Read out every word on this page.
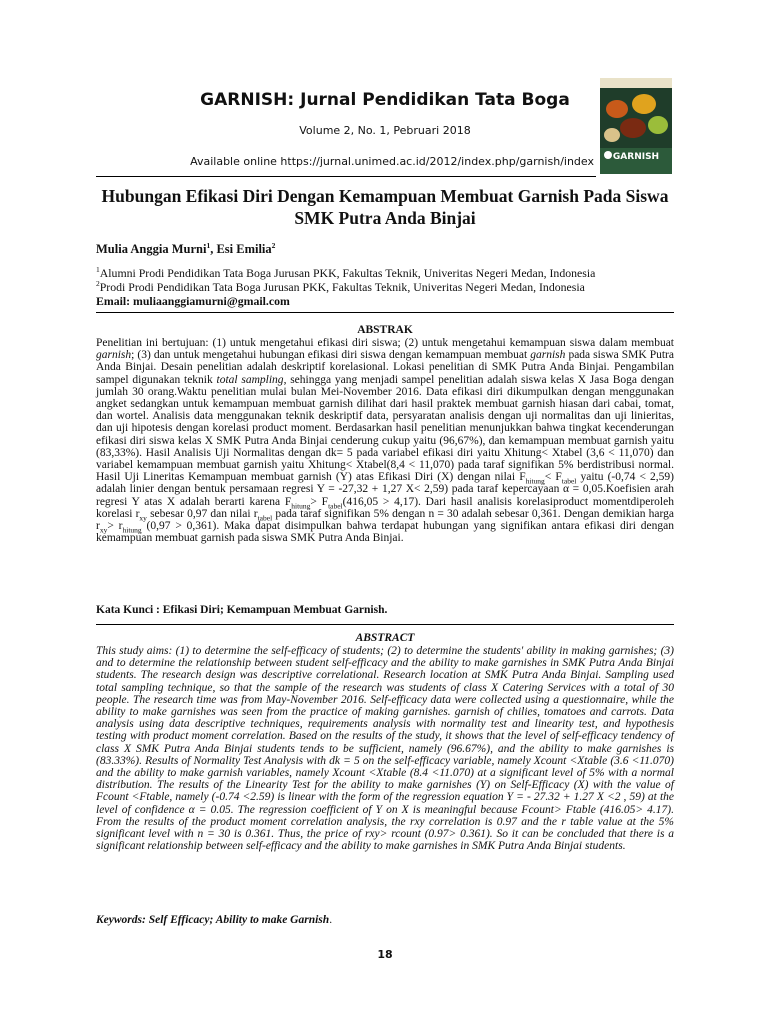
GARNISH: Jurnal Pendidikan Tata Boga
Volume 2, No. 1, Pebruari 2018
Available online https://jurnal.unimed.ac.id/2012/index.php/garnish/index	GARNISH
Hubungan Efikasi Diri Dengan Kemampuan Membuat Garnish Pada Siswa SMK Putra Anda Binjai
Mulia Anggia Murni$^1$, Esi Emilia$^2$
$^1$Alumni Prodi Pendidikan Tata Boga Jurusan PKK, Fakultas Teknik, Univeritas Negeri Medan, Indonesia
$^2$Prodi Prodi Pendidikan Tata Boga Jurusan PKK, Fakultas Teknik, Univeritas Negeri Medan, Indonesia
Email: muliaanggiamurni@gmail.com
ABSTRAK

Penelitian ini bertujuan: (1) untuk mengetahui efikasi diri siswa; (2) untuk mengetahui kemampuan siswa dalam membuat garnish; (3) dan untuk mengetahui hubungan efikasi diri siswa dengan kemampuan membuat garnish pada siswa SMK Putra Anda Binjai. Desain penelitian adalah deskriptif korelasional. Lokasi penelitian di SMK Putra Anda Binjai. Pengambilan sampel digunakan teknik total sampling, sehingga yang menjadi sampel penelitian adalah siswa kelas X Jasa Boga dengan jumlah 30 orang.Waktu penelitian mulai bulan Mei-November 2016. Data efikasi diri dikumpulkan dengan menggunakan angket sedangkan untuk kemampuan membuat garnish dilihat dari hasil praktek membuat garnish hiasan dari cabai, tomat, dan wortel. Analisis data menggunakan teknik deskriptif data, persyaratan analisis dengan uji normalitas dan uji linieritas, dan uji hipotesis dengan korelasi product moment. Berdasarkan hasil penelitian menunjukkan bahwa tingkat kecenderungan efikasi diri siswa kelas X SMK Putra Anda Binjai cenderung cukup yaitu (96,67%), dan kemampuan membuat garnish yaitu (83,33%). Hasil Analisis Uji Normalitas dengan dk= 5 pada variabel efikasi diri yaitu Xhitung< Xtabel (3,6 < 11,070) dan variabel kemampuan membuat garnish yaitu Xhitung< Xtabel(8,4 < 11,070) pada taraf signifikan 5% berdistribusi normal. Hasil Uji Lineritas Kemampuan membuat garnish (Y) atas Efikasi Diri (X) dengan nilai $F_{hitung}< F_{tabel}$ yaitu (-0,74 < 2,59) adalah linier dengan bentuk persamaan regresi Y = -27,32 + 1,27 X< 2,59) pada taraf kepercayaan α = 0,05.Koefisien arah regresi Y atas X adalah berarti karena $F_{hitung}> F_{tabel}(416,05 > 4,17)$. Dari hasil analisis korelasiproduct momentdiperoleh korelasi $r_{xy}$ sebesar 0,97 dan nilai $r_{tabel}$ pada taraf signifikan 5% dengan n = 30 adalah sebesar 0,361. Dengan demikian harga $r_{xy}> r_{hitung}$ (0,97 > 0,361). Maka dapat disimpulkan bahwa terdapat hubungan yang signifikan antara efikasi diri dengan kemampuan membuat garnish pada siswa SMK Putra Anda Binjai.

Kata Kunci : Efikasi Diri; Kemampuan Membuat Garnish.
ABSTRACT
This study aims: (1) to determine the self-efficacy of students; (2) to determine the students' ability in making garnishes; (3) and to determine the relationship between student self-efficacy and the ability to make garnishes in SMK Putra Anda Binjai students. The research design was descriptive correlational. Research location at SMK Putra Anda Binjai. Sampling used total sampling technique, so that the sample of the research was students of class X Catering Services with a total of 30 people. The research time was from May-November 2016. Self-efficacy data were collected using a questionnaire, while the ability to make garnishes was seen from the practice of making garnishes. garnish of chilies, tomatoes and carrots. Data analysis using data descriptive techniques, requirements analysis with normality test and linearity test, and hypothesis testing with product moment correlation. Based on the results of the study, it shows that the level of self-efficacy tendency of class X SMK Putra Anda Binjai students tends to be sufficient, namely (96.67%), and the ability to make garnishes is (83.33%). Results of Normality Test Analysis with dk = 5 on the self-efficacy variable, namely Xcount <Xtable (3.6 <11.070) and the ability to make garnish variables, namely Xcount <Xtable (8.4 <11.070) at a significant level of 5% with a normal distribution. The results of the Linearity Test for the ability to make garnishes (Y) on Self-Efficacy (X) with the value of Fcount <Ftable, namely (-0.74 <2.59) is linear with the form of the regression equation Y = - 27.32 + 1.27 X <2 , 59) at the level of confidence α = 0.05. The regression coefficient of Y on X is meaningful because Fcount> Ftable (416.05> 4.17). From the results of the product moment correlation analysis, the rxy correlation is 0.97 and the r table value at the 5% significant level with n = 30 is 0.361. Thus, the price of rxy> rcount (0.97> 0.361). So it can be concluded that there is a significant relationship between self-efficacy and the ability to make garnishes in SMK Putra Anda Binjai students.
Keywords: Self Efficacy; Ability to make Garnish.
18
